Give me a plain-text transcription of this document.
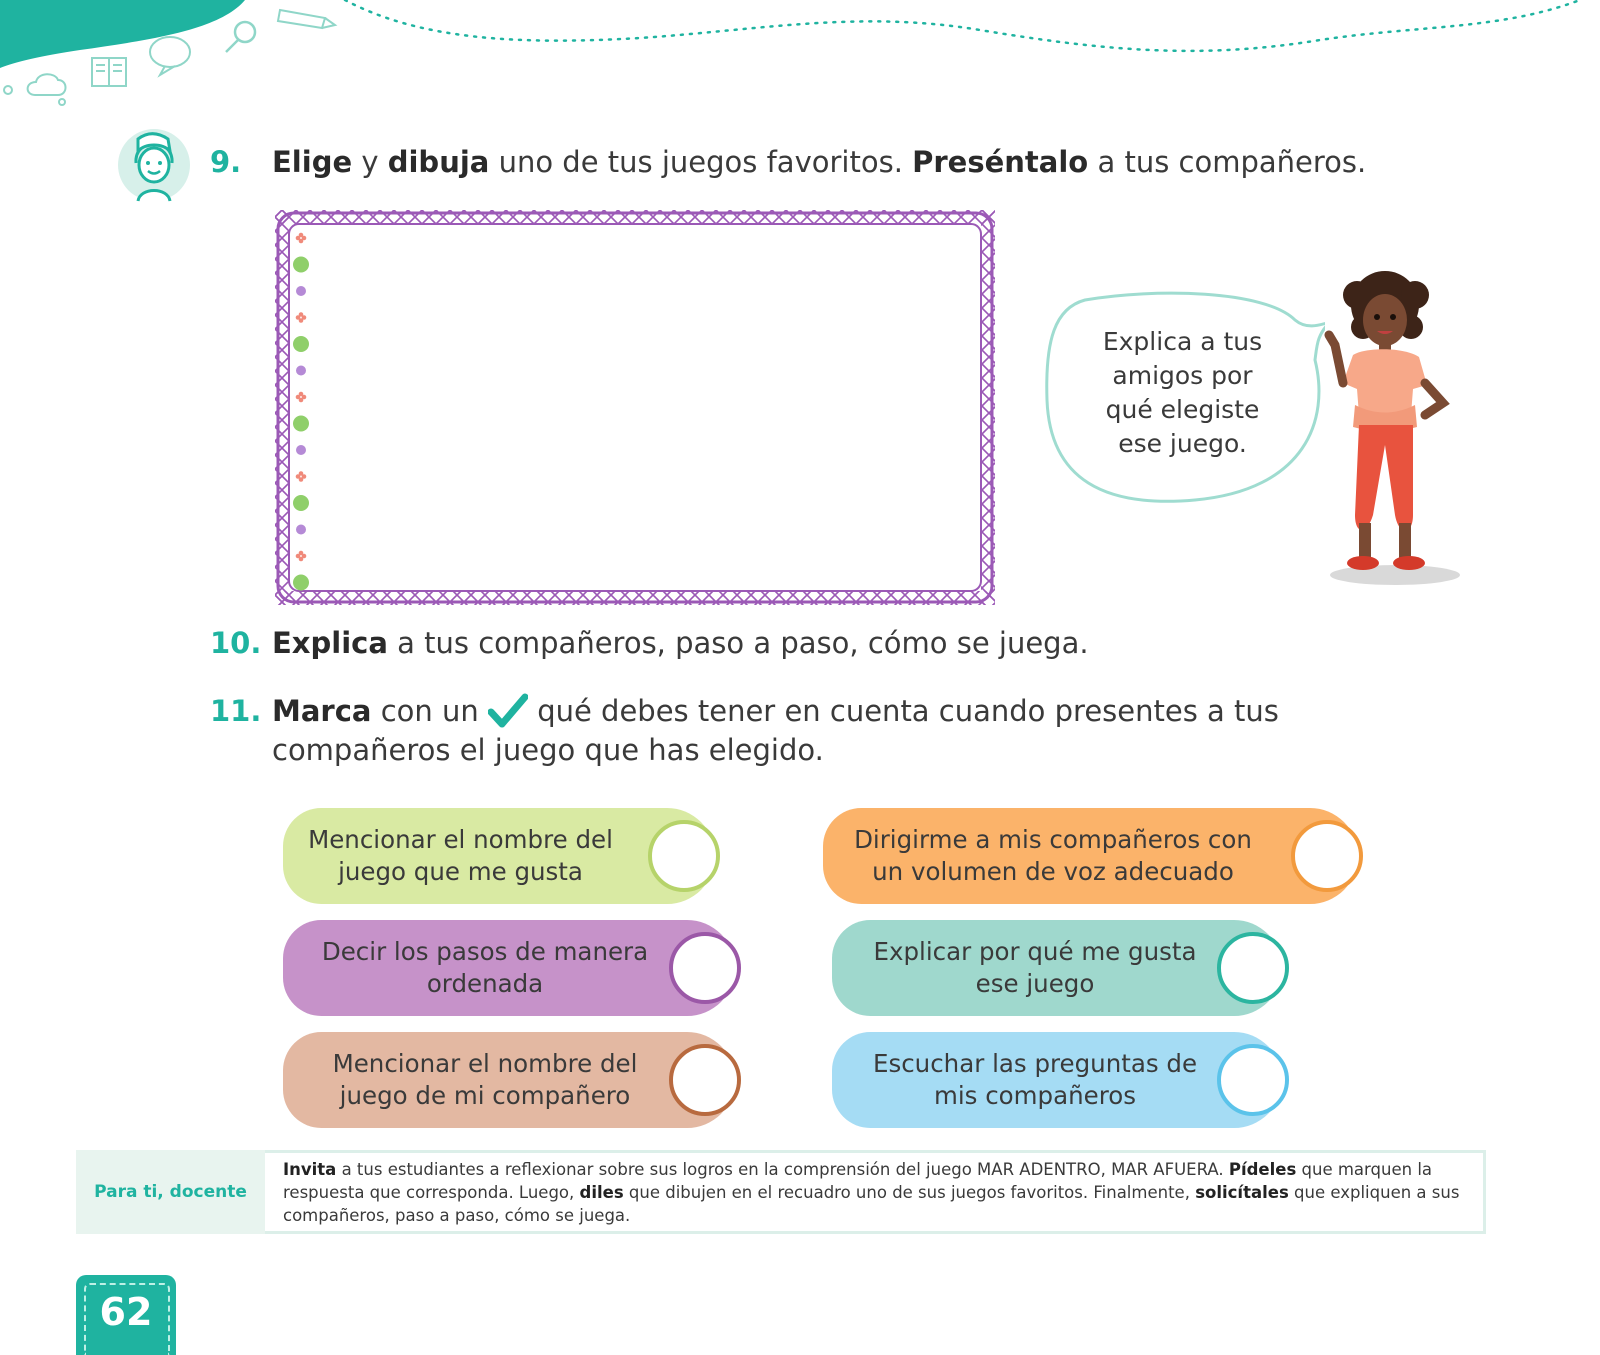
9. Elige y dibuja uno de tus juegos favoritos. Preséntalo a tus compañeros.
Explica a tus
amigos por
qué elegiste
ese juego.
10. Explica a tus compañeros, paso a paso, cómo se juega.
11. Marca con un  qué debes tener en cuenta cuando presentes a tus
compañeros el juego que has elegido.
Mencionar el nombre del
juego que me gusta
Dirigirme a mis compañeros con
un volumen de voz adecuado
Decir los pasos de manera
ordenada
Explicar por qué me gusta
ese juego
Mencionar el nombre del
juego de mi compañero
Escuchar las preguntas de
mis compañeros
Para ti, docente
Invita a tus estudiantes a reflexionar sobre sus logros en la comprensión del juego MAR ADENTRO, MAR AFUERA. Pídeles que marquen la respuesta que corresponda. Luego, diles que dibujen en el recuadro uno de sus juegos favoritos. Finalmente, solicítales que expliquen a sus compañeros, paso a paso, cómo se juega.
62
